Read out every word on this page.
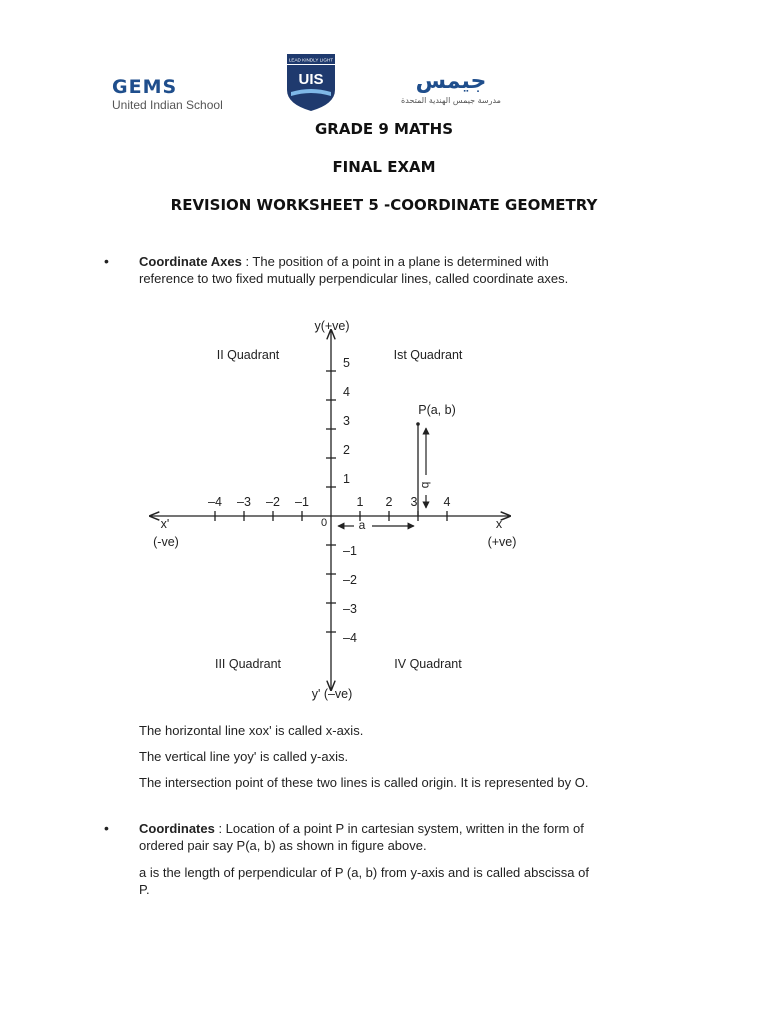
GEMS
United Indian School
LEAD KINDLY LIGHT
UIS	جيمس
مدرسة جيمس الهندية المتحدة
GRADE 9 MATHS
FINAL EXAM
REVISION WORKSHEET 5 -COORDINATE GEOMETRY
• Coordinate Axes : The position of a point in a plane is determined with reference to two fixed mutually perpendicular lines, called coordinate axes.
–4 –3 –2 –1	1 2 3 4
5
4
3
2
1
–1
–2
–3
–4
y(+ve)
y' (–ve)
x
(+ve)
x'
(-ve)
0
II Quadrant	Ist Quadrant
III Quadrant	IV Quadrant
P(a, b)
b
a
The horizontal line xox' is called x-axis.
The vertical line yoy' is called y-axis.
The intersection point of these two lines is called origin. It is represented by O.
• Coordinates : Location of a point P in cartesian system, written in the form of ordered pair say P(a, b) as shown in figure above.
a is the length of perpendicular of P (a, b) from y-axis and is called abscissa of P.
